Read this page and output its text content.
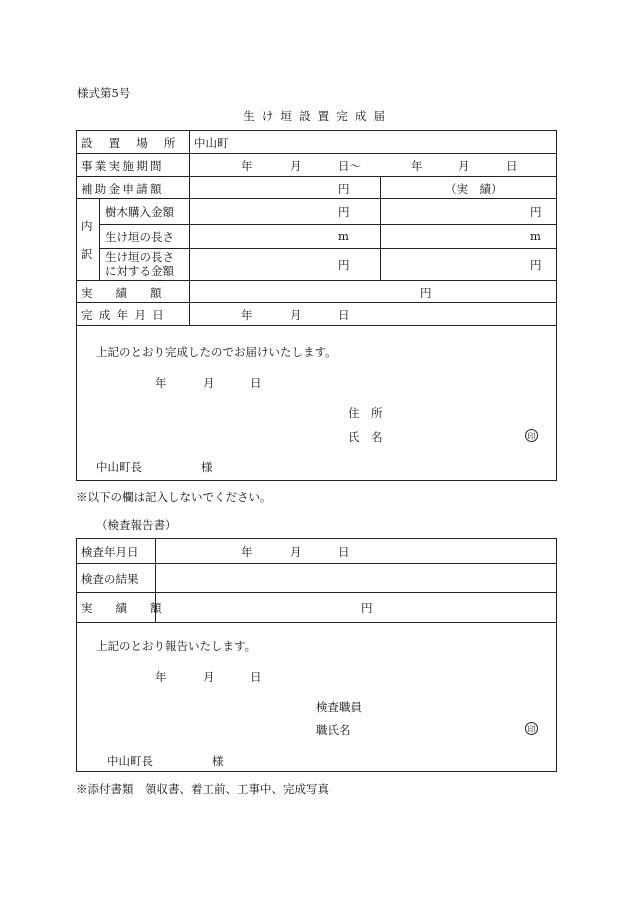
様式第5号
生 け 垣 設 置 完 成 届
設　置　場　所 中山町
事業実施期間	年	月	日〜	年	月	日
補助金申請額	円	（実　績）
内
訳
樹木購入金額	円	円
生け垣の長さ	m	m
生け垣の長さに対する金額	円	円
実　　績　　額	円
完成年月日	年	月	日
上記のとおり完成したのでお届けいたします。
年	月	日
住　所
氏　名	印
中山町長	様
※以下の欄は記入しないでください。
（検査報告書）
検査年月日	年	月	日
検査の結果
実　　績　　額	円
上記のとおり報告いたします。
年	月	日
検査職員
職氏名	印
中山町長	様
※添付書類　領収書、着工前、工事中、完成写真
